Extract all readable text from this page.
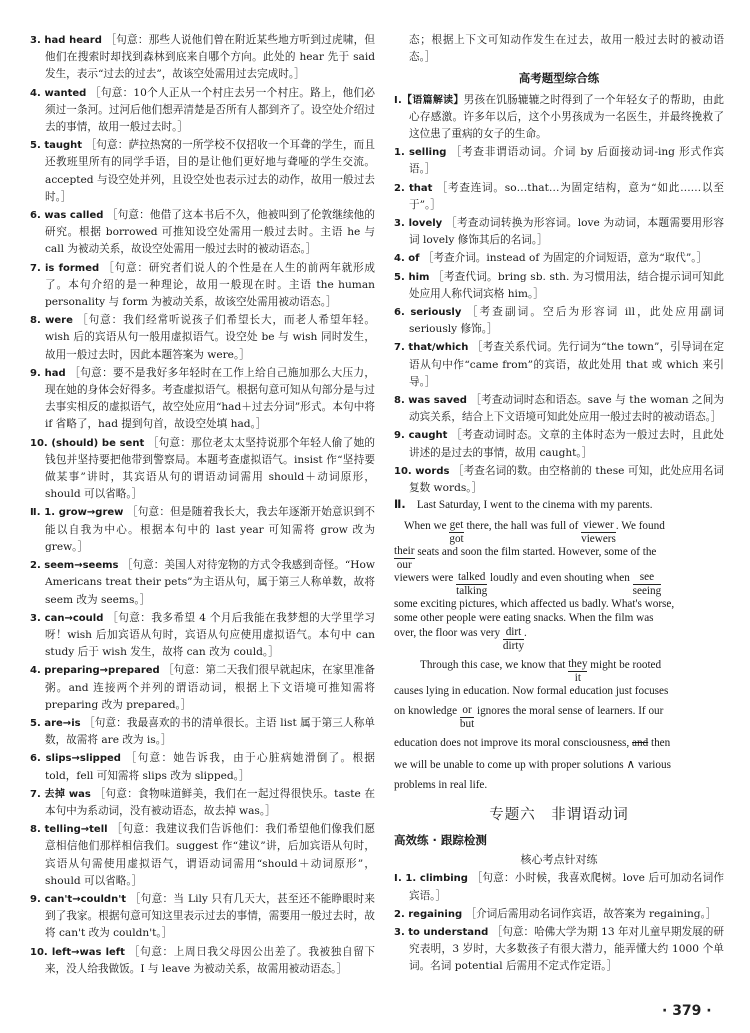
3. had heard ［句意：那些人说他们曾在附近某些地方听到过虎啸，但他们在搜索时却找到森林到底来自哪个方向。此处的 hear 先于 said 发生，表示“过去的过去”，故该空处需用过去完成时。］

4. wanted ［句意：10个人正从一个村庄去另一个村庄。路上，他们必须过一条河。过河后他们想弄清楚是否所有人都到齐了。设空处介绍过去的事情，故用一般过去时。］

5. taught ［句意：萨拉热窝的一所学校不仅招收一个耳聋的学生，而且还教班里所有的同学手语，目的是让他们更好地与聋哑的学生交流。accepted 与设空处并列，且设空处也表示过去的动作，故用一般过去时。］

6. was called ［句意：他借了这本书后不久，他被叫到了伦敦继续他的研究。根据 borrowed 可推知设空处需用一般过去时。主语 he 与 call 为被动关系，故设空处需用一般过去时的被动语态。］

7. is formed ［句意：研究者们说人的个性是在人生的前两年就形成了。本句介绍的是一种理论，故用一般现在时。主语 the human personality 与 form 为被动关系，故该空处需用被动语态。］

8. were ［句意：我们经常听说孩子们希望长大，而老人希望年轻。wish 后的宾语从句一般用虚拟语气。设空处 be 与 wish 同时发生，故用一般过去时，因此本题答案为 were。］

9. had ［句意：要不是我好多年轻时在工作上给自己施加那么大压力，现在她的身体会好得多。考查虚拟语气。根据句意可知从句部分是与过去事实相反的虚拟语气，故空处应用“had＋过去分词”形式。本句中将 if 省略了，had 提到句首，故设空处填 had。］

10. (should) be sent ［句意：那位老太太坚持说那个年轻人偷了她的钱包并坚持要把他带到警察局。本题考查虚拟语气。insist 作“坚持要做某事”讲时，其宾语从句的谓语动词需用 should＋动词原形，should 可以省略。］

Ⅱ. 1. grow→grew ［句意：但是随着我长大，我去年逐渐开始意识到不能以自我为中心。根据本句中的 last year 可知需将 grow 改为 grew。］

2. seem→seems ［句意：美国人对待宠物的方式令我感到奇怪。“How Americans treat their pets”为主语从句，属于第三人称单数，故将 seem 改为 seems。］

3. can→could ［句意：我多希望 4 个月后我能在我梦想的大学里学习呀！wish 后加宾语从句时，宾语从句应使用虚拟语气。本句中 can study 后于 wish 发生，故将 can 改为 could。］

4. preparing→prepared ［句意：第二天我们很早就起床，在家里准备粥。and 连接两个并列的谓语动词，根据上下文语境可推知需将 preparing 改为 prepared。］

5. are→is ［句意：我最喜欢的书的清单很长。主语 list 属于第三人称单数，故需将 are 改为 is。］

6. slips→slipped ［句意：她告诉我，由于心脏病她滑倒了。根据 told，fell 可知需将 slips 改为 slipped。］

7. 去掉 was ［句意：食物味道鲜美，我们在一起过得很快乐。taste 在本句中为系动词，没有被动语态，故去掉 was。］

8. telling→tell ［句意：我建议我们告诉他们：我们希望他们像我们愿意相信他们那样相信我们。suggest 作“建议”讲，后加宾语从句时，宾语从句需使用虚拟语气，谓语动词需用“should＋动词原形”，should 可以省略。］

9. can't→couldn't ［句意：当 Lily 只有几天大，甚至还不能睁眼时来到了我家。根据句意可知这里表示过去的事情，需要用一般过去时，故将 can't 改为 couldn't。］

10. left→was left ［句意：上周日我父母因公出差了。我被独自留下来，没人给我做饭。I 与 leave 为被动关系，故需用被动语态。］

态；根据上下文可知动作发生在过去，故用一般过去时的被动语态。］

高考题型综合练

Ⅰ.【语篇解读】男孩在饥肠辘辘之时得到了一个年轻女子的帮助，由此心存感激。许多年以后，这个小男孩成为一名医生，并最终挽救了这位患了重病的女子的生命。

1. selling ［考查非谓语动词。介词 by 后面接动词-ing 形式作宾语。］

2. that ［考查连词。so…that…为固定结构，意为“如此……以至于”。］

3. lovely ［考查动词转换为形容词。love 为动词，本题需要用形容词 lovely 修饰其后的名词。］

4. of ［考查介词。instead of 为固定的介词短语，意为“取代”。］

5. him ［考查代词。bring sb. sth. 为习惯用法，结合提示词可知此处应用人称代词宾格 him。］

6. seriously ［考查副词。空后为形容词 ill，此处应用副词 seriously 修饰。］

7. that/which ［考查关系代词。先行词为“the town”，引导词在定语从句中作“came from”的宾语，故此处用 that 或 which 来引导。］

8. was saved ［考查动词时态和语态。save 与 the woman 之间为动宾关系，结合上下文语境可知此处应用一般过去时的被动语态。］

9. caught ［考查动词时态。文章的主体时态为一般过去时，且此处讲述的是过去的事情，故用 caught。］

10. words ［考查名词的数。由空格前的 these 可知，此处应用名词复数 words。］

Ⅱ. Last Saturday, I went to the cinema with my parents.

When we get
got
there, the hall was full of viewer
viewers
. We found

their
our
seats and soon the film started. However, some of the

viewers were talked
talking
loudly and even shouting when see
seeing

some exciting pictures, which affected us badly. What's worse,

some other people were eating snacks. When the film was

over, the floor was very dirt
dirty
.

Through this case, we know that they
it
might be rooted

causes lying in education. Now formal education just focuses

on knowledge or
but
ignores the moral sense of learners. If our

education does not improve its moral consciousness, and then

we will be unable to come up with proper solutions ∧ various

problems in real life.

专题六　非谓语动词
高效练 · 跟踪检测
核心考点针对练

Ⅰ. 1. climbing ［句意：小时候，我喜欢爬树。love 后可加动名词作宾语。］

2. regaining ［介词后需用动名词作宾语，故答案为 regaining。］

3. to understand ［句意：哈佛大学为期 13 年对儿童早期发展的研究表明，3 岁时，大多数孩子有很大潜力，能弄懂大约 1000 个单词。名词 potential 后需用不定式作定语。］

· 379 ·
